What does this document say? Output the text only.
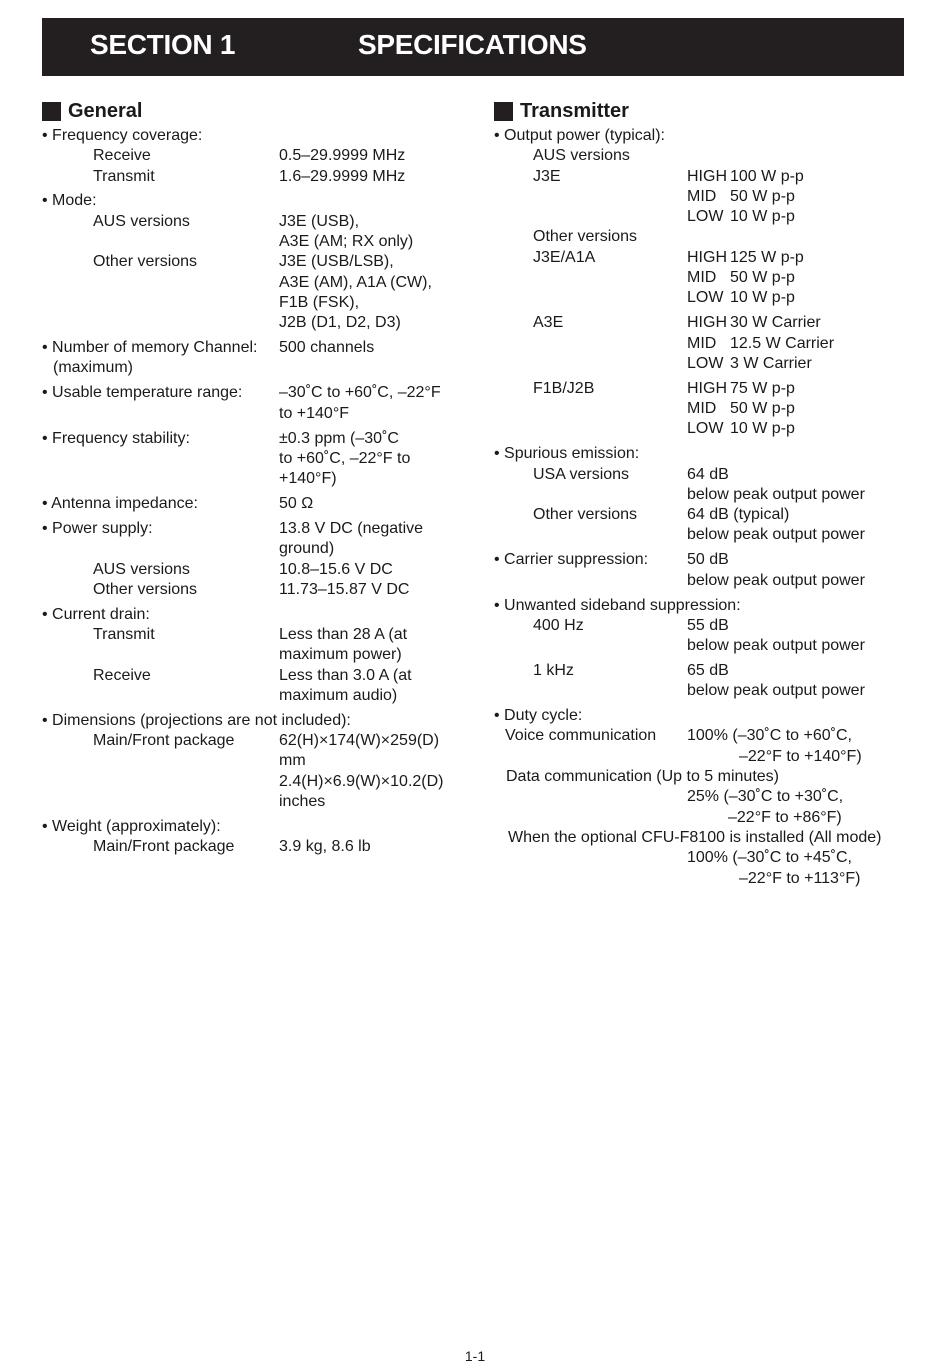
SECTION 1	SPECIFICATIONS
General
• Frequency coverage:
Receive	0.5–29.9999 MHz
Transmit	1.6–29.9999 MHz
• Mode:
AUS versions	J3E (USB),
A3E (AM; RX only)
Other versions	J3E (USB/LSB),
A3E (AM), A1A (CW),
F1B (FSK),
J2B (D1, D2, D3)
• Number of memory Channel: 500 channels
(maximum)
• Usable temperature range: –30˚C to +60˚C, –22°F
to +140°F
• Frequency stability:	±0.3 ppm (–30˚C
to +60˚C, –22°F to
+140°F)
• Antenna impedance:	50 Ω
• Power supply:	13.8 V DC (negative
ground)
AUS versions	10.8–15.6 V DC
Other versions	11.73–15.87 V DC
• Current drain:
Transmit	Less than 28 A (at
maximum power)
Receive	Less than 3.0 A (at
maximum audio)
• Dimensions (projections are not included):
Main/Front package	62(H)×174(W)×259(D)
mm
2.4(H)×6.9(W)×10.2(D)
inches
• Weight (approximately):
Main/Front package	3.9 kg, 8.6 lb
Transmitter
• Output power (typical):
AUS versions
J3E	HIGH 100 W p-p
MID 50 W p-p
LOW 10 W p-p
Other versions
J3E/A1A	HIGH 125 W p-p
MID 50 W p-p
LOW 10 W p-p
A3E	HIGH 30 W Carrier
MID 12.5 W Carrier
LOW 3 W Carrier
F1B/J2B	HIGH 75 W p-p
MID 50 W p-p
LOW 10 W p-p
• Spurious emission:
USA versions	64 dB
below peak output power
Other versions	64 dB (typical)
below peak output power
• Carrier suppression: 50 dB
below peak output power
• Unwanted sideband suppression:
400 Hz	55 dB
below peak output power
1 kHz	65 dB
below peak output power
• Duty cycle:
Voice communication 100% (–30˚C to +60˚C,
–22°F to +140°F)
Data communication (Up to 5 minutes)
25% (–30˚C to +30˚C,
–22°F to +86°F)
When the optional CFU-F8100 is installed (All mode)
100% (–30˚C to +45˚C,
–22°F to +113°F)
1-1
